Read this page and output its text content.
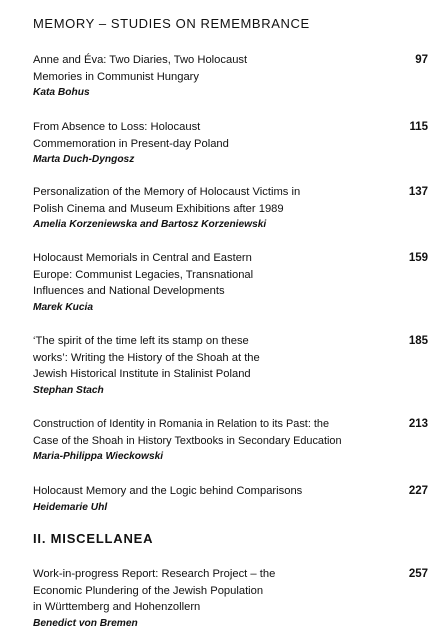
MEMORY – STUDIES ON REMEMBRANCE
Anne and Éva: Two Diaries, Two Holocaust
Memories in Communist Hungary
Kata Bohus
97
From Absence to Loss: Holocaust
Commemoration in Present-day Poland
Marta Duch-Dyngosz
115
Personalization of the Memory of Holocaust Victims in
Polish Cinema and Museum Exhibitions after 1989
Amelia Korzeniewska and Bartosz Korzeniewski
137
Holocaust Memorials in Central and Eastern
Europe: Communist Legacies, Transnational
Influences and National Developments
Marek Kucia
159
‘The spirit of the time left its stamp on these
works’: Writing the History of the Shoah at the
Jewish Historical Institute in Stalinist Poland
Stephan Stach
185
Construction of Identity in Romania in Relation to its Past: the
Case of the Shoah in History Textbooks in Secondary Education
Maria-Philippa Wieckowski
213
Holocaust Memory and the Logic behind Comparisons
Heidemarie Uhl
227
II. MISCELLANEA
Work-in-progress Report: Research Project – the
Economic Plundering of the Jewish Population
in Württemberg and Hohenzollern
Benedict von Bremen
257
